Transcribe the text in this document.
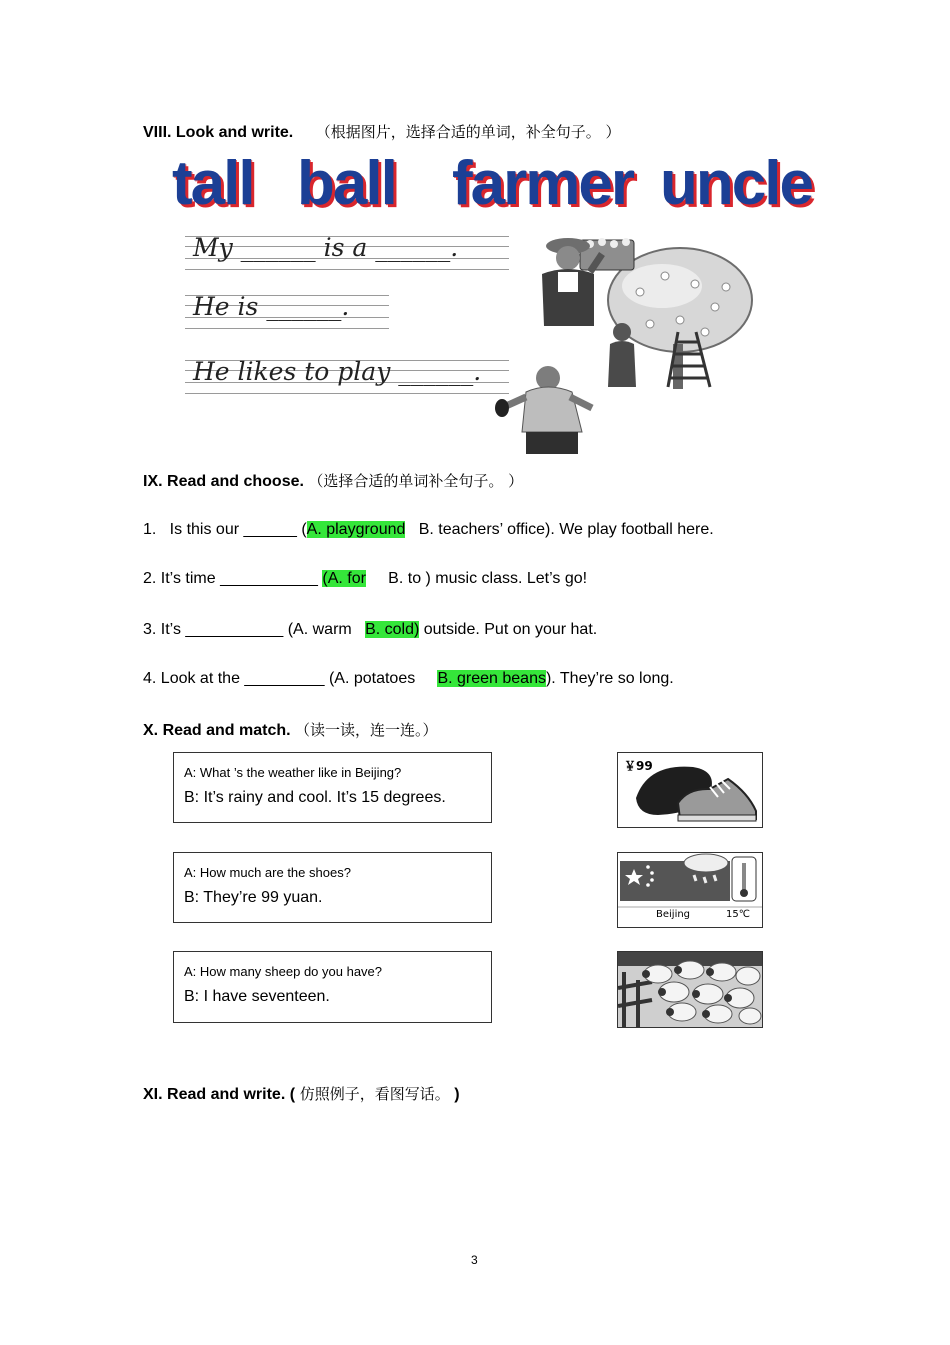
VIII. Look and write. （根据图片，选择合适的单词，补全句子。 ）
tall ball farmer uncle
My ______ is a ______.
He is ______.
He likes to play ______.
IX. Read and choose. （选择合适的单词补全句子。 ）
1.   Is this our ______ (A. playground   B. teachers’ office). We play football here.
2. It’s time ___________ (A. for     B. to ) music class. Let’s go!
3. It’s ___________ (A. warm   B. cold) outside. Put on your hat.
4. Look at the _________ (A. potatoes     B. green beans). They’re so long.
X. Read and match. （读一读，连一连。）
A: What ’s the weather like in Beijing?
B: It’s rainy and cool. It’s 15 degrees.
A: How much are the shoes?
B: They’re 99 yuan.
A: How many sheep do you have?
B: I have seventeen.
￥99
Beijing	15℃
XI. Read and write. ( 仿照例子，看图写话。 )
3
